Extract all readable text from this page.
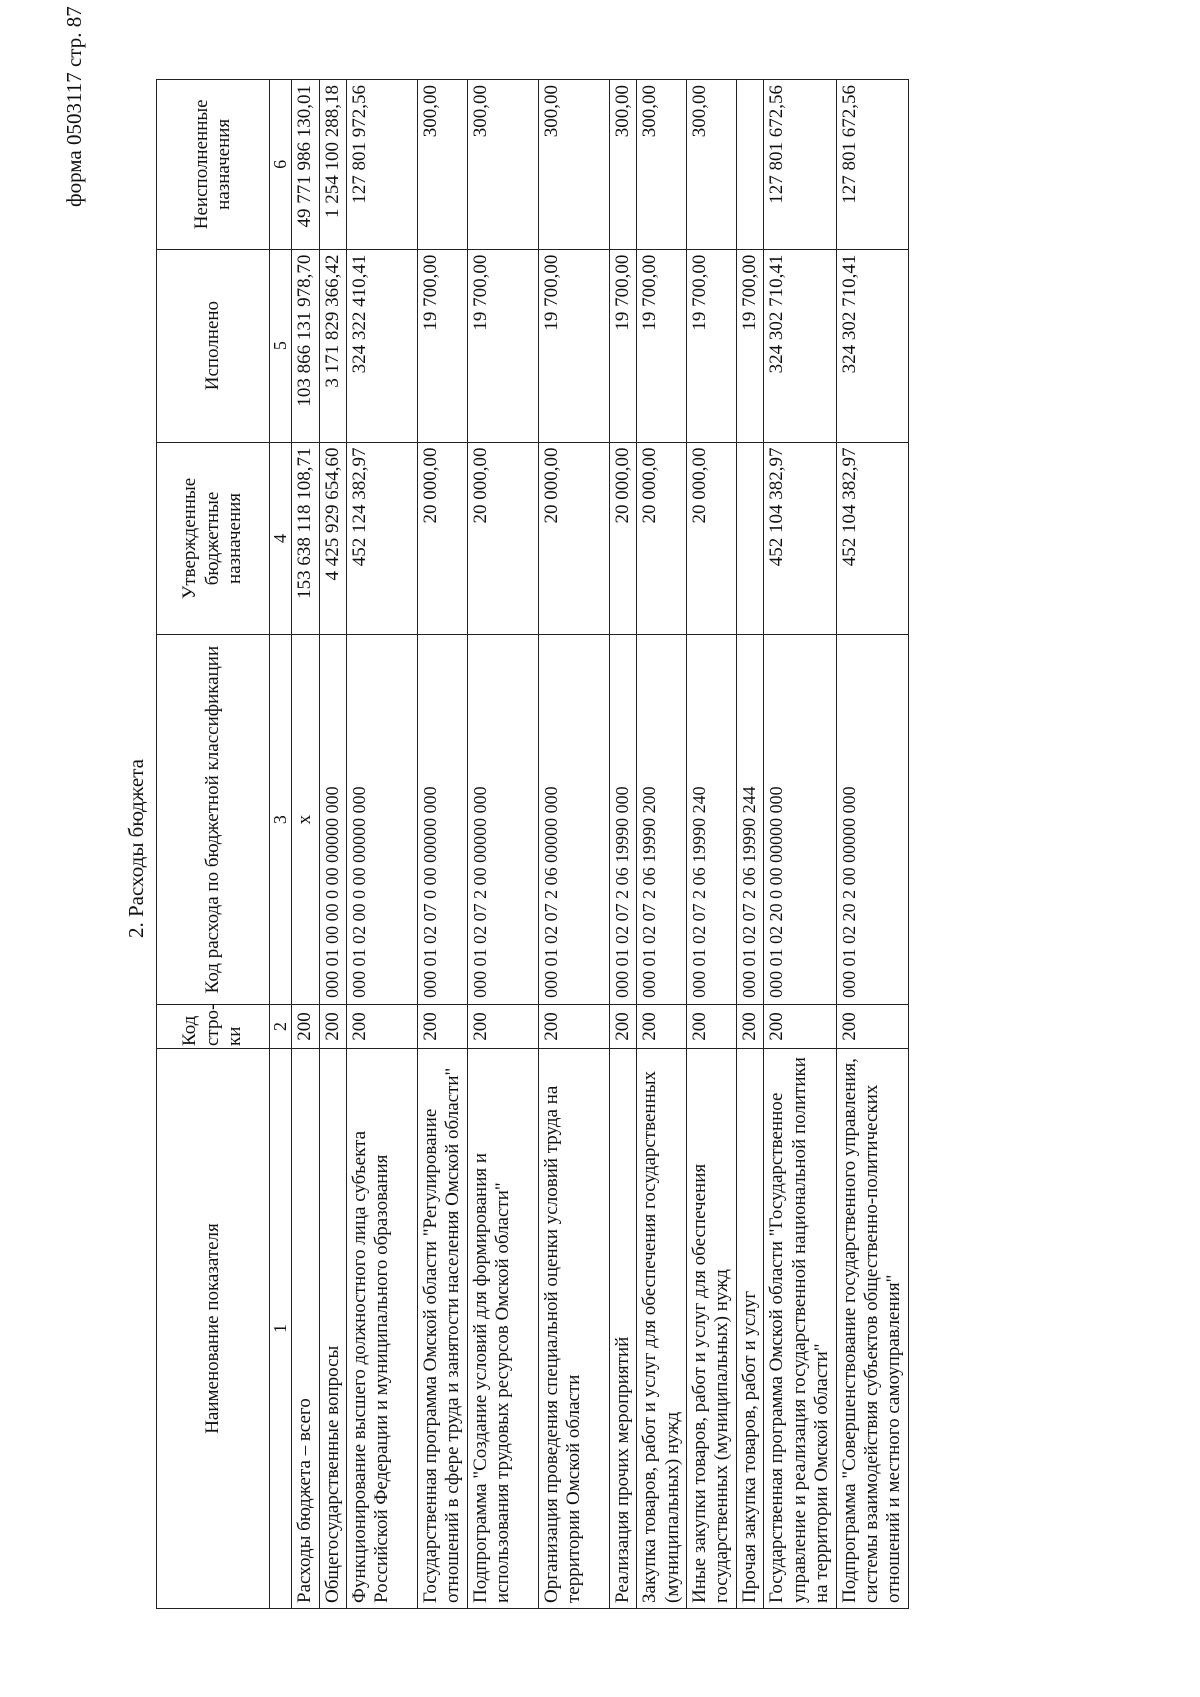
форма 0503117 стр. 87
2. Расходы бюджета
Наименование показателя	Код стро-ки	Код расхода по бюджетной классификации	Утвержденные бюджетные назначения	Исполнено	Неисполненные назначения
1	2	3	4	5	6
Расходы бюджета – всего	200	x	153 638 118 108,71	103 866 131 978,70	49 771 986 130,01
Общегосударственные вопросы	200	000 01 00 00 0 00 00000 000	4 425 929 654,60	3 171 829 366,42	1 254 100 288,18
Функционирование высшего должностного лица субъекта Российской Федерации и муниципального образования	200	000 01 02 00 0 00 00000 000	452 124 382,97	324 322 410,41	127 801 972,56
Государственная программа Омской области "Регулирование отношений в сфере труда и занятости населения Омской области"	200	000 01 02 07 0 00 00000 000	20 000,00	19 700,00	300,00
Подпрограмма "Создание условий для формирования и использования трудовых ресурсов Омской области"	200	000 01 02 07 2 00 00000 000	20 000,00	19 700,00	300,00
Организация проведения специальной оценки условий труда на территории Омской области	200	000 01 02 07 2 06 00000 000	20 000,00	19 700,00	300,00
Реализация прочих мероприятий	200	000 01 02 07 2 06 19990 000	20 000,00	19 700,00	300,00
Закупка товаров, работ и услуг для обеспечения государственных (муниципальных) нужд	200	000 01 02 07 2 06 19990 200	20 000,00	19 700,00	300,00
Иные закупки товаров, работ и услуг для обеспечения государственных (муниципальных) нужд	200	000 01 02 07 2 06 19990 240	20 000,00	19 700,00	300,00
Прочая закупка товаров, работ и услуг	200	000 01 02 07 2 06 19990 244		19 700,00	
Государственная программа Омской области "Государственное управление и реализация государственной национальной политики на территории Омской области"	200	000 01 02 20 0 00 00000 000	452 104 382,97	324 302 710,41	127 801 672,56
Подпрограмма "Совершенствование государственного управления, системы взаимодействия субъектов общественно-политических отношений и местного самоуправления"	200	000 01 02 20 2 00 00000 000	452 104 382,97	324 302 710,41	127 801 672,56
